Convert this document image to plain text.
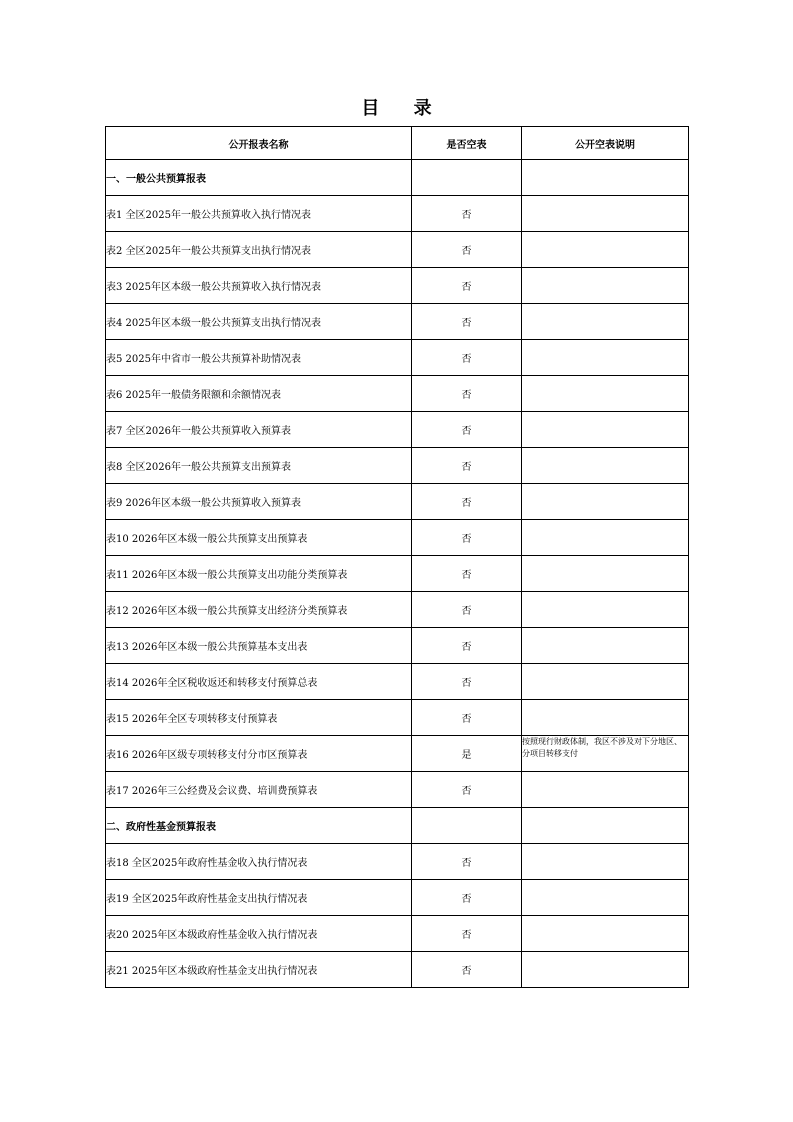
目 录
公开报表名称	是否空表	公开空表说明
一、一般公共预算报表		
表1 全区2025年一般公共预算收入执行情况表	否	
表2 全区2025年一般公共预算支出执行情况表	否	
表3 2025年区本级一般公共预算收入执行情况表	否	
表4 2025年区本级一般公共预算支出执行情况表	否	
表5 2025年中省市一般公共预算补助情况表	否	
表6 2025年一般债务限额和余额情况表	否	
表7 全区2026年一般公共预算收入预算表	否	
表8 全区2026年一般公共预算支出预算表	否	
表9 2026年区本级一般公共预算收入预算表	否	
表10 2026年区本级一般公共预算支出预算表	否	
表11 2026年区本级一般公共预算支出功能分类预算表	否	
表12 2026年区本级一般公共预算支出经济分类预算表	否	
表13 2026年区本级一般公共预算基本支出表	否	
表14 2026年全区税收返还和转移支付预算总表	否	
表15 2026年全区专项转移支付预算表	否	
表16 2026年区级专项转移支付分市区预算表	是	按照现行财政体制，我区不涉及对下分地区、分项目转移支付
表17 2026年三公经费及会议费、培训费预算表	否	
二、政府性基金预算报表		
表18 全区2025年政府性基金收入执行情况表	否	
表19 全区2025年政府性基金支出执行情况表	否	
表20 2025年区本级政府性基金收入执行情况表	否	
表21 2025年区本级政府性基金支出执行情况表	否	
